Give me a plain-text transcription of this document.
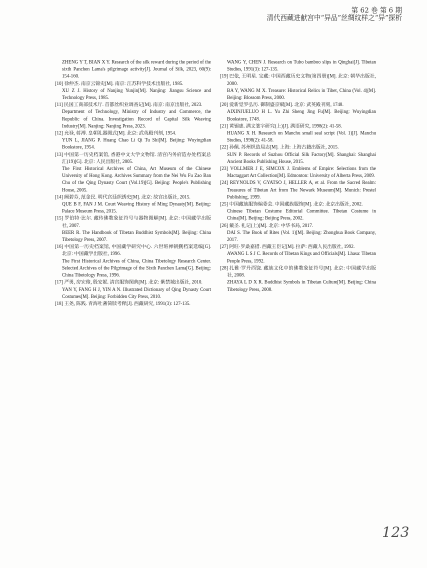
第 62 卷 第 6 期
清代西藏进献宫中“异品”丝绸纹样之“异”探析
ZHENG Y T, BIAN X Y. Research of the silk reward during the period of the sixth Panchen Lama's pilgrimage activity[J]. Journal of Silk, 2023, 60(9): 154-160.
[10] 徐仲杰. 南京云锦史[M]. 南京: 江苏科学技术出版社, 1985.
XU Z J. History of Nanjing Yunjin[M]. Nanjing: Jiangsu Science and Technology Press, 1985.
[11] 民国工商部技术厅. 首都丝织业调查记[M]. 南京: 南京出版社, 2023.
Department of Technology, Ministry of Industry and Commerce, the Republic of China. Investigation Record of Capital Silk Weaving Industry[M]. Nanjing: Nanjing Press, 2023.
[12] 允禄, 蒋溥. 皇朝礼器图式[M]. 北京: 武英殿刊刻, 1954.
YUN L, JIANG P. Huang Chao Li Qi Tu Shi[M]. Beijing: Wuyingdian Bookstore, 1954.
[13] 中国第一历史档案馆, 香港中文大学文物馆. 清宫内务府造办处档案总汇(19)[G]. 北京: 人民出版社, 2005.
The First Historical Archives of China, Art Museum of the Chinese University of Hong Kong. Archives Summary from the Nei Wu Fu Zao Ban Chu of the Qing Dynasty Court (Vol.19)[G]. Beijing: People's Publishing House, 2005.
[14] 阙碧芬, 范金民. 明代宫廷织绣史[M]. 北京: 故宫出版社, 2015.
QUE B F, FAN J M. Court Weaving History of Ming Dynasty[M]. Beijing: Palace Museum Press, 2015.
[15] 罗伯特·比尔. 藏传佛教象征符号与器物图解[M]. 北京: 中国藏学出版社, 2007.
BEER R. The Handbook of Tibetan Buddhist Symbols[M]. Beijing: China Tibetology Press, 2007.
[16] 中国第一历史档案馆, 中国藏学研究中心. 六世班禅朝觐档案选编[G]. 北京: 中国藏学出版社, 1996.
The First Historical Archives of China, China Tibetology Research Center. Selected Archives of the Pilgrimage of the Sixth Panchen Lama[G]. Beijing: China Tibetology Press, 1996.
[17] 严勇, 房宏俊, 殷安妮. 清宫服饰图典[M]. 北京: 紫禁城出版社, 2010.
YAN Y, FANG H J, YIN A N. Illustrated Dictionary of Qing Dynasty Court Costumes[M]. Beijing: Forbidden City Press, 2010.
[18] 王尧, 陈践. 青海吐蕃简牍考释[J]. 西藏研究, 1991(3): 127-135.
WANG Y, CHEN J. Research on Tubo bamboo slips in Qinghai[J]. Tibetan Studies, 1991(3): 127-135.
[19] 巴依, 王明星. 宝藏: 中国西藏历史文物(第四册)[M]. 北京: 朝华出版社, 2000.
BA Y, WANG M X. Treasure: Historical Relics in Tibet, China (Vol. 4)[M]. Beijing: Blossom Press, 2000.
[20] 爱新觉罗弘历. 御制盛京赋[M]. 北京: 武英殿刊刻, 1748.
AIXINJUELUO H L. Yu Zhi Sheng Jing Fu[M]. Beijing: Wuyingdian Bookstore, 1748.
[21] 黄锡惠. 满文篆字研究(上)[J]. 满语研究, 1998(2): 41-58.
HUANG X H. Research on Manchu small seal script (Vol. 1)[J]. Manchu Studies, 1998(2): 41-58.
[22] 孙佩. 苏州织造局志[M]. 上海: 上海古籍出版社, 2015.
SUN P. Records of Suzhou Official Silk Factory[M]. Shanghai: Shanghai Ancient Books Publishing House, 2015.
[23] VOLLMER J E, SIMCOX J. Emblems of Empire: Selections from the Mactaggart Art Collection[M]. Edmonton: University of Alberta Press, 2009.
[24] REYNOLDS V, GYATSO J, HELLER A, et al. From the Sacred Realm: Treasures of Tibetan Art from The Newark Museum[M]. Munich: Prestel Publishing, 1999.
[25] 中国藏族服饰编委会. 中国藏族服饰[M]. 北京: 北京出版社, 2002.
Chinese Tibetan Costume Editorial Committee. Tibetan Costume in China[M]. Beijing: Beijing Press, 2002.
[26] 戴圣. 礼记(上)[M]. 北京: 中华书局, 2017.
DAI S. The Book of Rites (Vol. 1)[M]. Beijing: Zhonghua Book Company, 2017.
[27] 阿旺·罗桑嘉措. 西藏王臣记[M]. 拉萨: 西藏人民出版社, 1992.
AWANG L S J C. Records of Tibetan Kings and Officials[M]. Lhasa: Tibetan People Press, 1992.
[28] 扎雅·罗丹西饶. 藏族文化中的佛教象征符号[M]. 北京: 中国藏学出版社, 2008.
ZHAYA L D X R. Buddhist Symbols in Tibetan Culture[M]. Beijing: China Tibetology Press, 2008.
123
